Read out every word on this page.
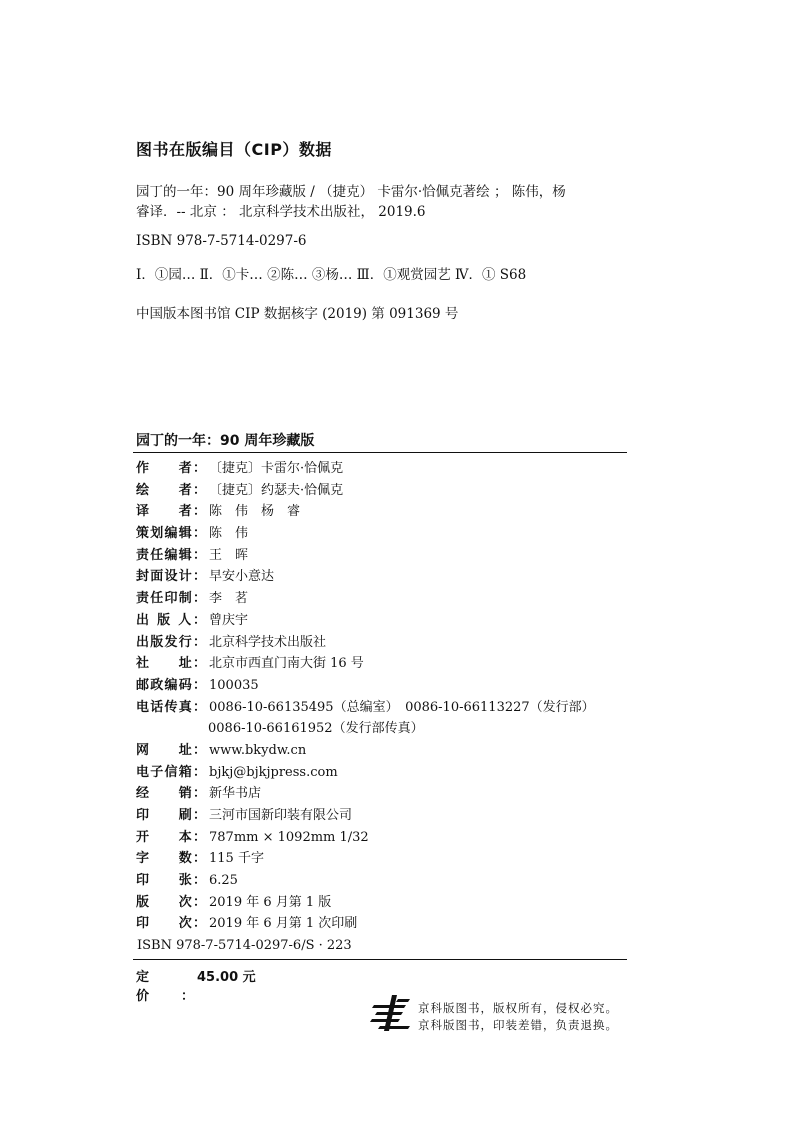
图书在版编目（CIP）数据
园丁的一年：90 周年珍藏版 / （捷克） 卡雷尔·恰佩克著绘 ； 陈伟，杨
睿译．-- 北京 ： 北京科学技术出版社， 2019.6
ISBN 978-7-5714-0297-6
Ⅰ．①园… Ⅱ．①卡… ②陈… ③杨… Ⅲ．①观赏园艺 Ⅳ．① S68
中国版本图书馆 CIP 数据核字 (2019) 第 091369 号
园丁的一年：90 周年珍藏版
作　　者： 〔捷克〕卡雷尔·恰佩克
绘　　者： 〔捷克〕约瑟夫·恰佩克
译　　者： 陈　伟　杨　睿
策划编辑： 陈　伟
责任编辑： 王　晖
封面设计： 早安小意达
责任印制： 李　茗
出 版 人： 曾庆宇
出版发行： 北京科学技术出版社
社　　址： 北京市西直门南大街 16 号
邮政编码： 100035
电话传真： 0086-10-66135495（总编室）　0086-10-66113227（发行部）
0086-10-66161952（发行部传真）
网　　址： www.bkydw.cn
电子信箱： bjkj@bjkjpress.com
经　　销： 新华书店
印　　刷： 三河市国新印装有限公司
开　　本： 787mm × 1092mm 1/32
字　　数： 115 千字
印　　张： 6.25
版　　次： 2019 年 6 月第 1 版
印　　次： 2019 年 6 月第 1 次印刷
ISBN 978-7-5714-0297-6/S · 223
定　　价：
45.00 元
京科版图书，版权所有，侵权必究。
京科版图书，印装差错，负责退换。
